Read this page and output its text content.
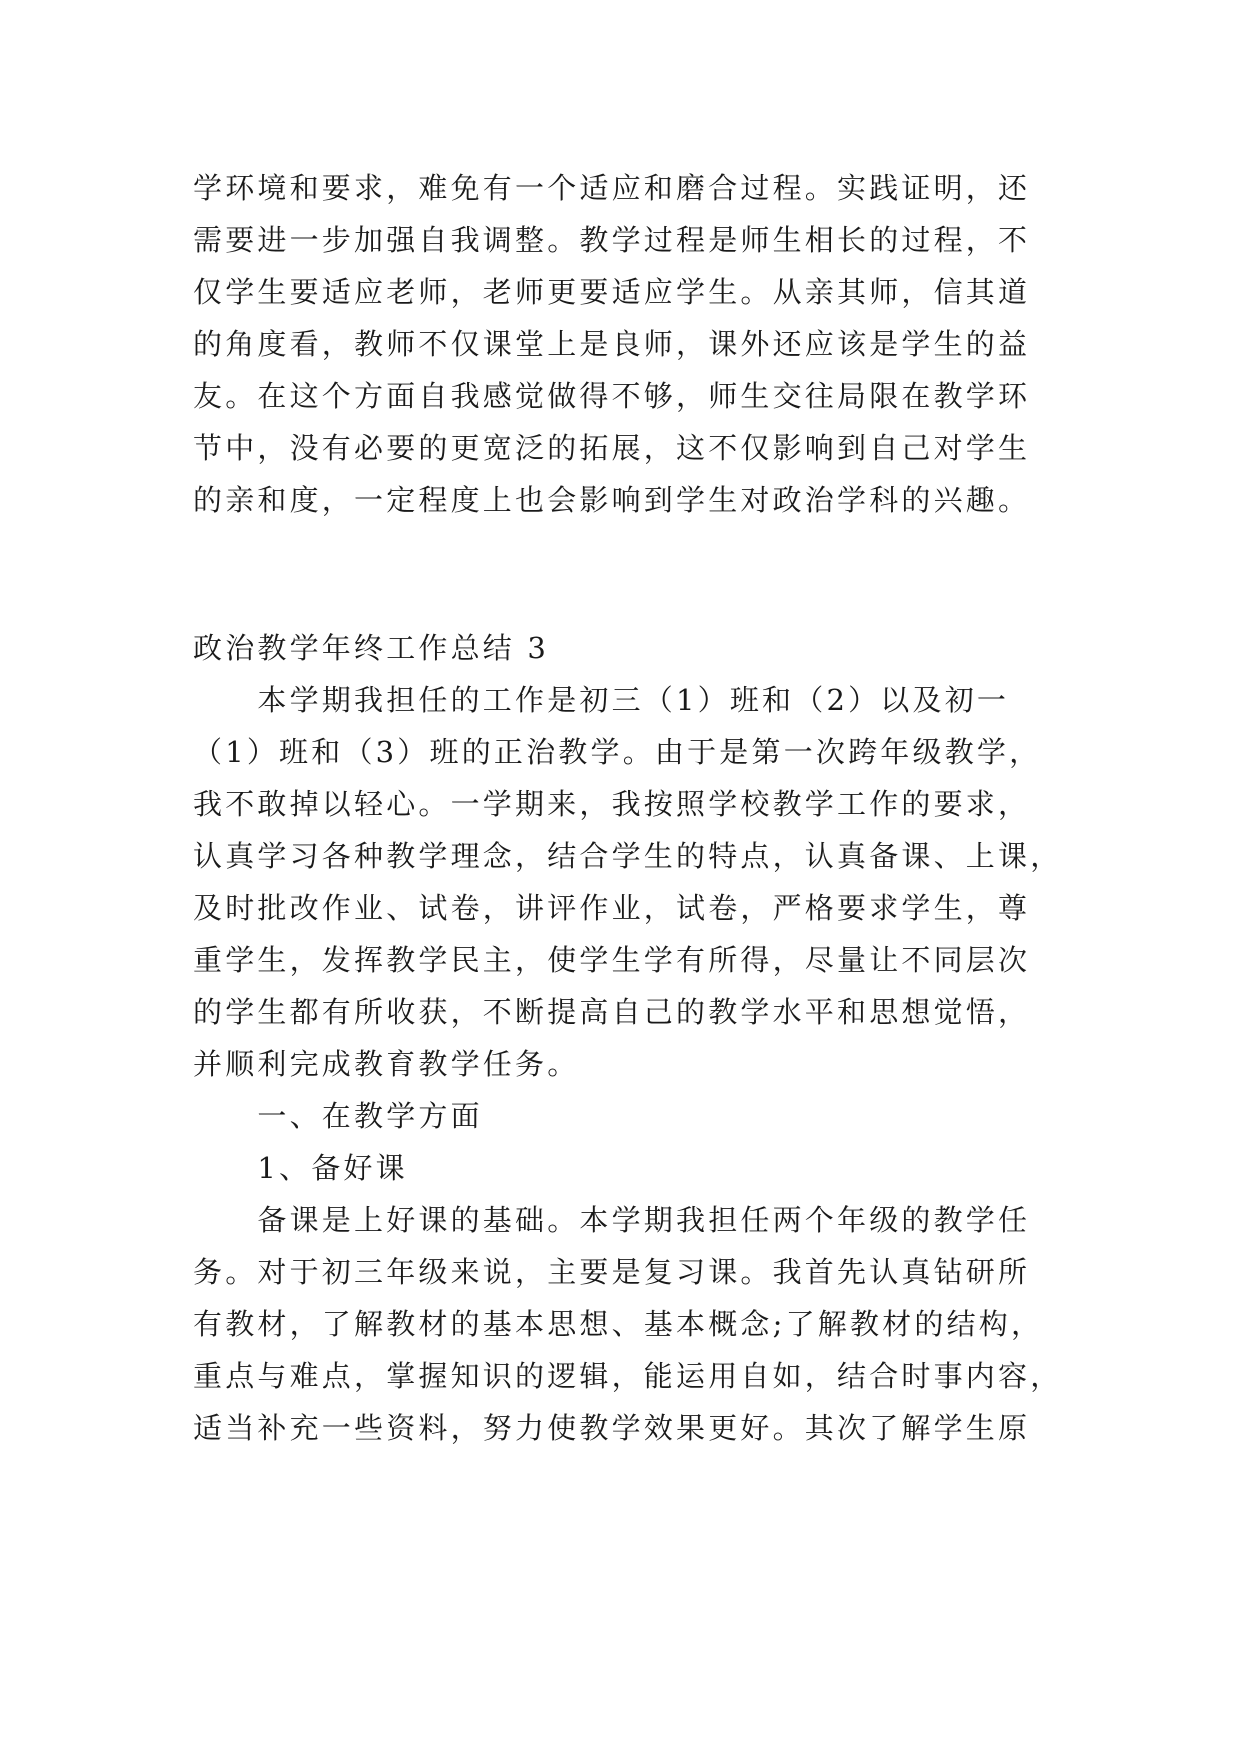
学环境和要求，难免有一个适应和磨合过程。实践证明，还
需要进一步加强自我调整。教学过程是师生相长的过程，不
仅学生要适应老师，老师更要适应学生。从亲其师，信其道
的角度看，教师不仅课堂上是良师，课外还应该是学生的益
友。在这个方面自我感觉做得不够，师生交往局限在教学环
节中，没有必要的更宽泛的拓展，这不仅影响到自己对学生
的亲和度，一定程度上也会影响到学生对政治学科的兴趣。
政治教学年终工作总结 3
　　本学期我担任的工作是初三（1）班和（2）以及初一
（1）班和（3）班的正治教学。由于是第一次跨年级教学，
我不敢掉以轻心。一学期来，我按照学校教学工作的要求，
认真学习各种教学理念，结合学生的特点，认真备课、上课，
及时批改作业、试卷，讲评作业，试卷，严格要求学生，尊
重学生，发挥教学民主，使学生学有所得，尽量让不同层次
的学生都有所收获，不断提高自己的教学水平和思想觉悟，
并顺利完成教育教学任务。
　　一、在教学方面
　　1、备好课
　　备课是上好课的基础。本学期我担任两个年级的教学任
务。对于初三年级来说，主要是复习课。我首先认真钻研所
有教材，了解教材的基本思想、基本概念;了解教材的结构，
重点与难点，掌握知识的逻辑，能运用自如，结合时事内容，
适当补充一些资料，努力使教学效果更好。其次了解学生原
